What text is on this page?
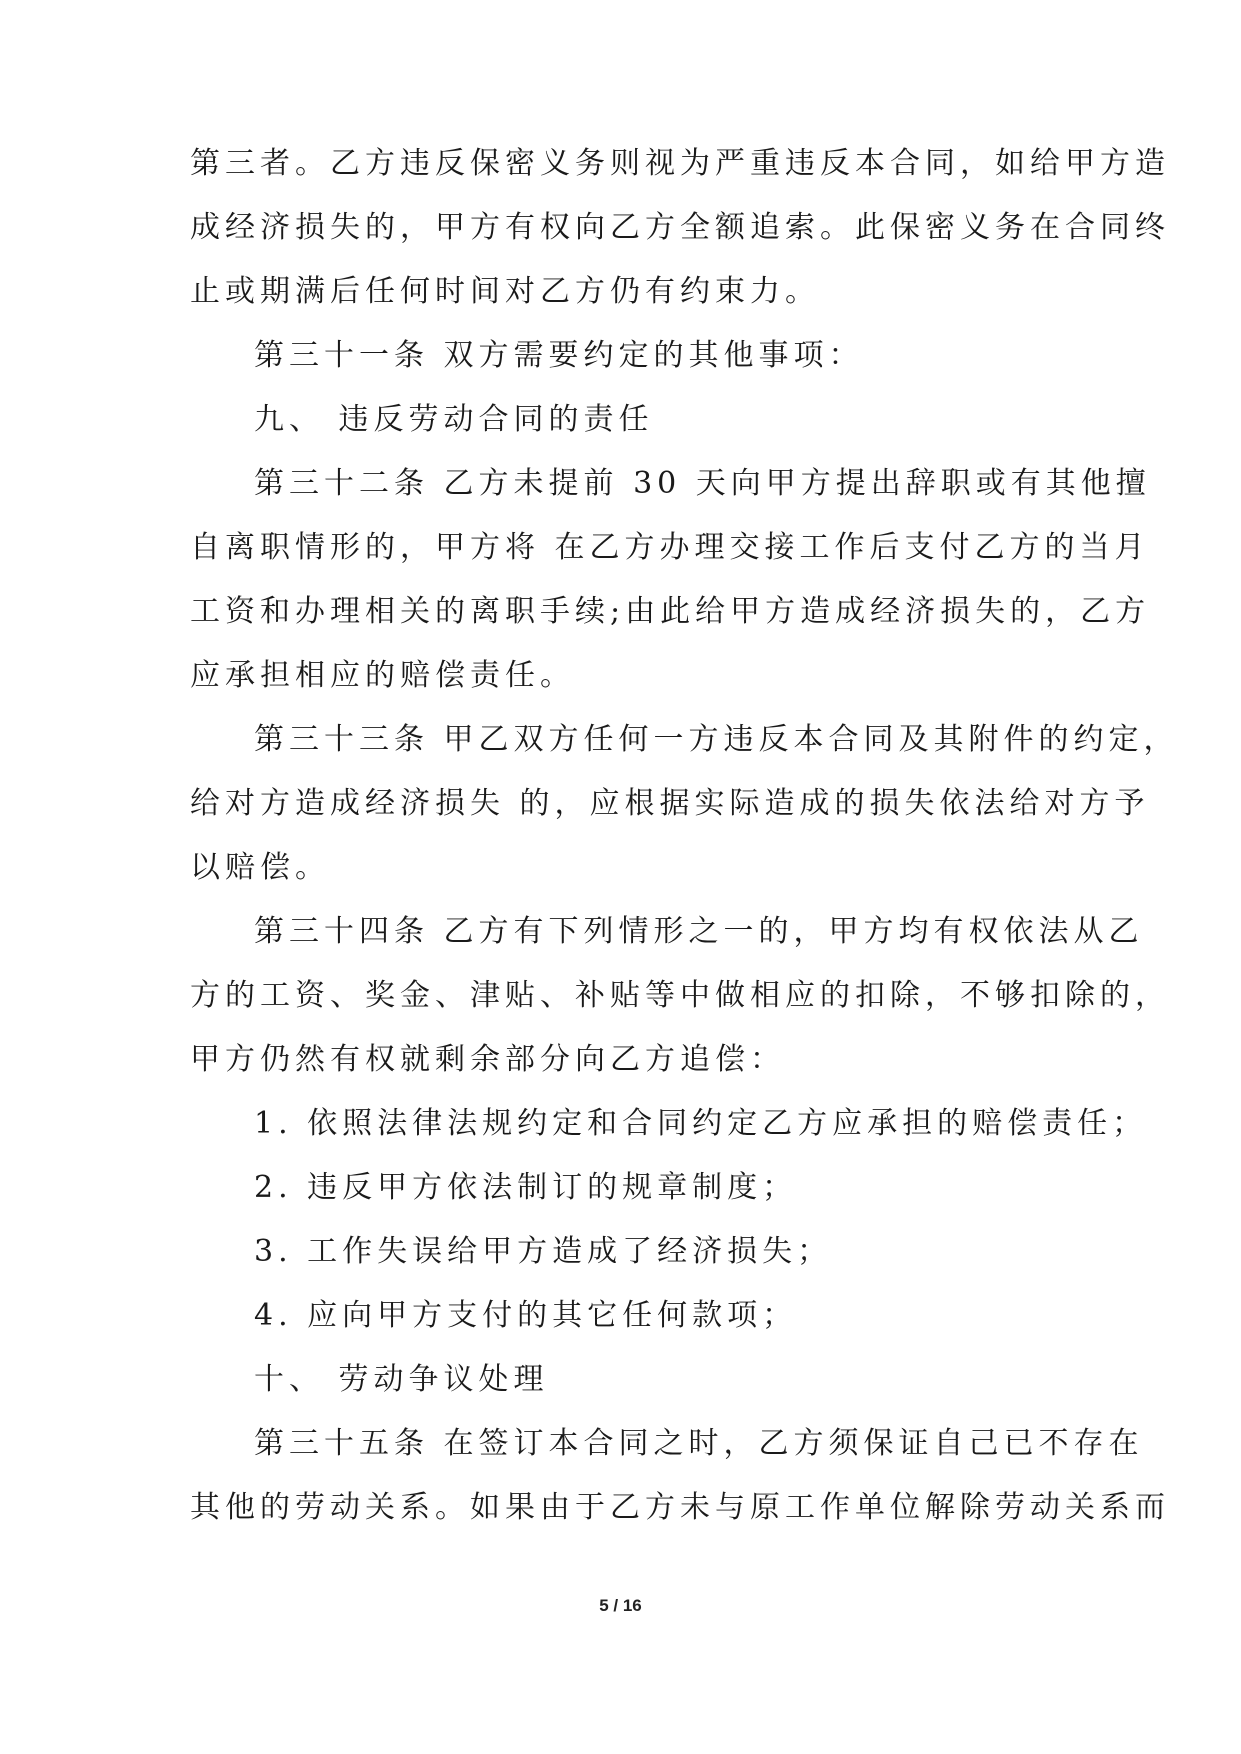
第三者。乙方违反保密义务则视为严重违反本合同，如给甲方造
成经济损失的，甲方有权向乙方全额追索。此保密义务在合同终
止或期满后任何时间对乙方仍有约束力。
第三十一条 双方需要约定的其他事项：
九、 违反劳动合同的责任
第三十二条 乙方未提前 30 天向甲方提出辞职或有其他擅
自离职情形的，甲方将 在乙方办理交接工作后支付乙方的当月
工资和办理相关的离职手续;由此给甲方造成经济损失的，乙方
应承担相应的赔偿责任。
第三十三条 甲乙双方任何一方违反本合同及其附件的约定，
给对方造成经济损失 的，应根据实际造成的损失依法给对方予
以赔偿。
第三十四条 乙方有下列情形之一的，甲方均有权依法从乙
方的工资、奖金、津贴、补贴等中做相应的扣除，不够扣除的，
甲方仍然有权就剩余部分向乙方追偿：
1. 依照法律法规约定和合同约定乙方应承担的赔偿责任；
2. 违反甲方依法制订的规章制度；
3. 工作失误给甲方造成了经济损失；
4. 应向甲方支付的其它任何款项；
十、 劳动争议处理
第三十五条 在签订本合同之时，乙方须保证自己已不存在
其他的劳动关系。如果由于乙方未与原工作单位解除劳动关系而
5 / 16
